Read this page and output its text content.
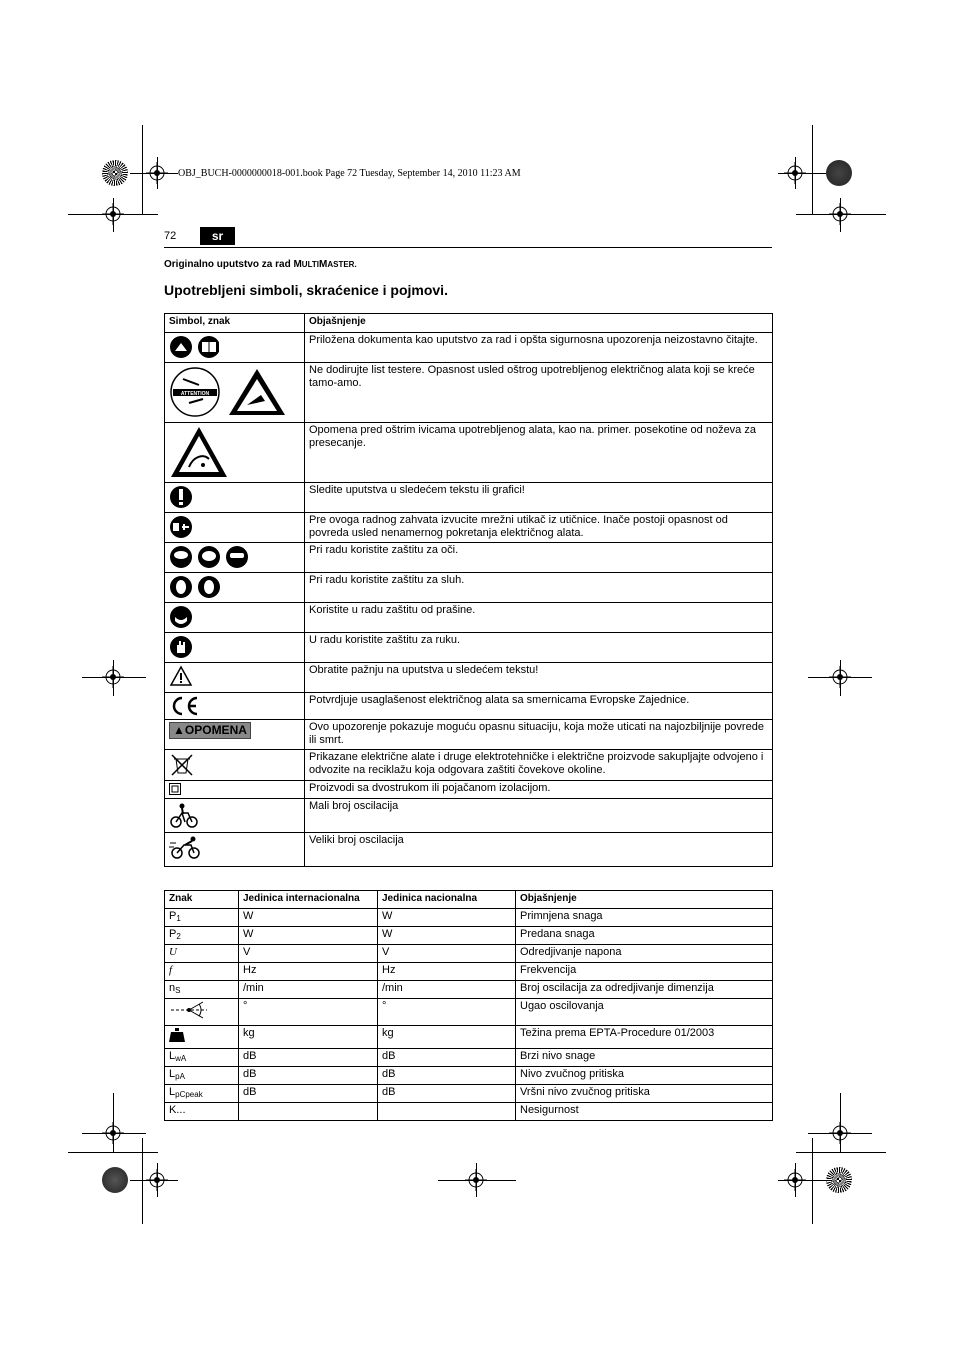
OBJ_BUCH-0000000018-001.book Page 72 Tuesday, September 14, 2010 11:23 AM
72	sr
Originalno uputstvo za rad MULTIMASTER.
Upotrebljeni simboli, skraćenice i pojmovi.
Simbol, znak	Objašnjenje
	Priložena dokumenta kao uputstvo za rad i opšta sigurnosna upozorenja neizostavno čitajte.

ATTENTION	Ne dodirujte list testere. Opasnost usled oštrog upotrebljenog električnog alata koji se kreće tamo-amo.
	Opomena pred oštrim ivicama upotrebljenog alata, kao na. primer. posekotine od noževa za presecanje.
	Sledite uputstva u sledećem tekstu ili grafici!
	Pre ovoga radnog zahvata izvucite mrežni utikač iz utičnice. Inače postoji opasnost od povreda usled nenamernog pokretanja električnog alata.
	Pri radu koristite zaštitu za oči.
	Pri radu koristite zaštitu za sluh.
	Koristite u radu zaštitu od prašine.
	U radu koristite zaštitu za ruku.
	Obratite pažnju na uputstva u sledećem tekstu!
	Potvrdjuje usaglašenost električnog alata sa smernicama Evropske Zajednice.
▲OPOMENA	Ovo upozorenje pokazuje moguću opasnu situaciju, koja može uticati na najozbiljnije povrede ili smrt.
	Prikazane električne alate i druge elektrotehničke i električne proizvode sakupljajte odvojeno i odvozite na reciklažu koja odgovara zaštiti čovekove okoline.
	Proizvodi sa dvostrukom ili pojačanom izolacijom.
	Mali broj oscilacija
	Veliki broj oscilacija
Znak	Jedinica internacionalna	Jedinica nacionalna	Objašnjenje
$P_1$	W	W	Primnjena snaga
$P_2$	W	W	Predana snaga
U	V	V	Odredjivanje napona
f	Hz	Hz	Frekvencija
$n_S$	/min	/min	Broj oscilacija za odredjivanje dimenzija
	°	°	Ugao oscilovanja
	kg	kg	Težina prema EPTA-Procedure 01/2003
$L_{wA}$	dB	dB	Brzi nivo snage
$L_{pA}$	dB	dB	Nivo zvučnog pritiska
$L_{pCpeak}$	dB	dB	Vršni nivo zvučnog pritiska
K...			Nesigurnost
